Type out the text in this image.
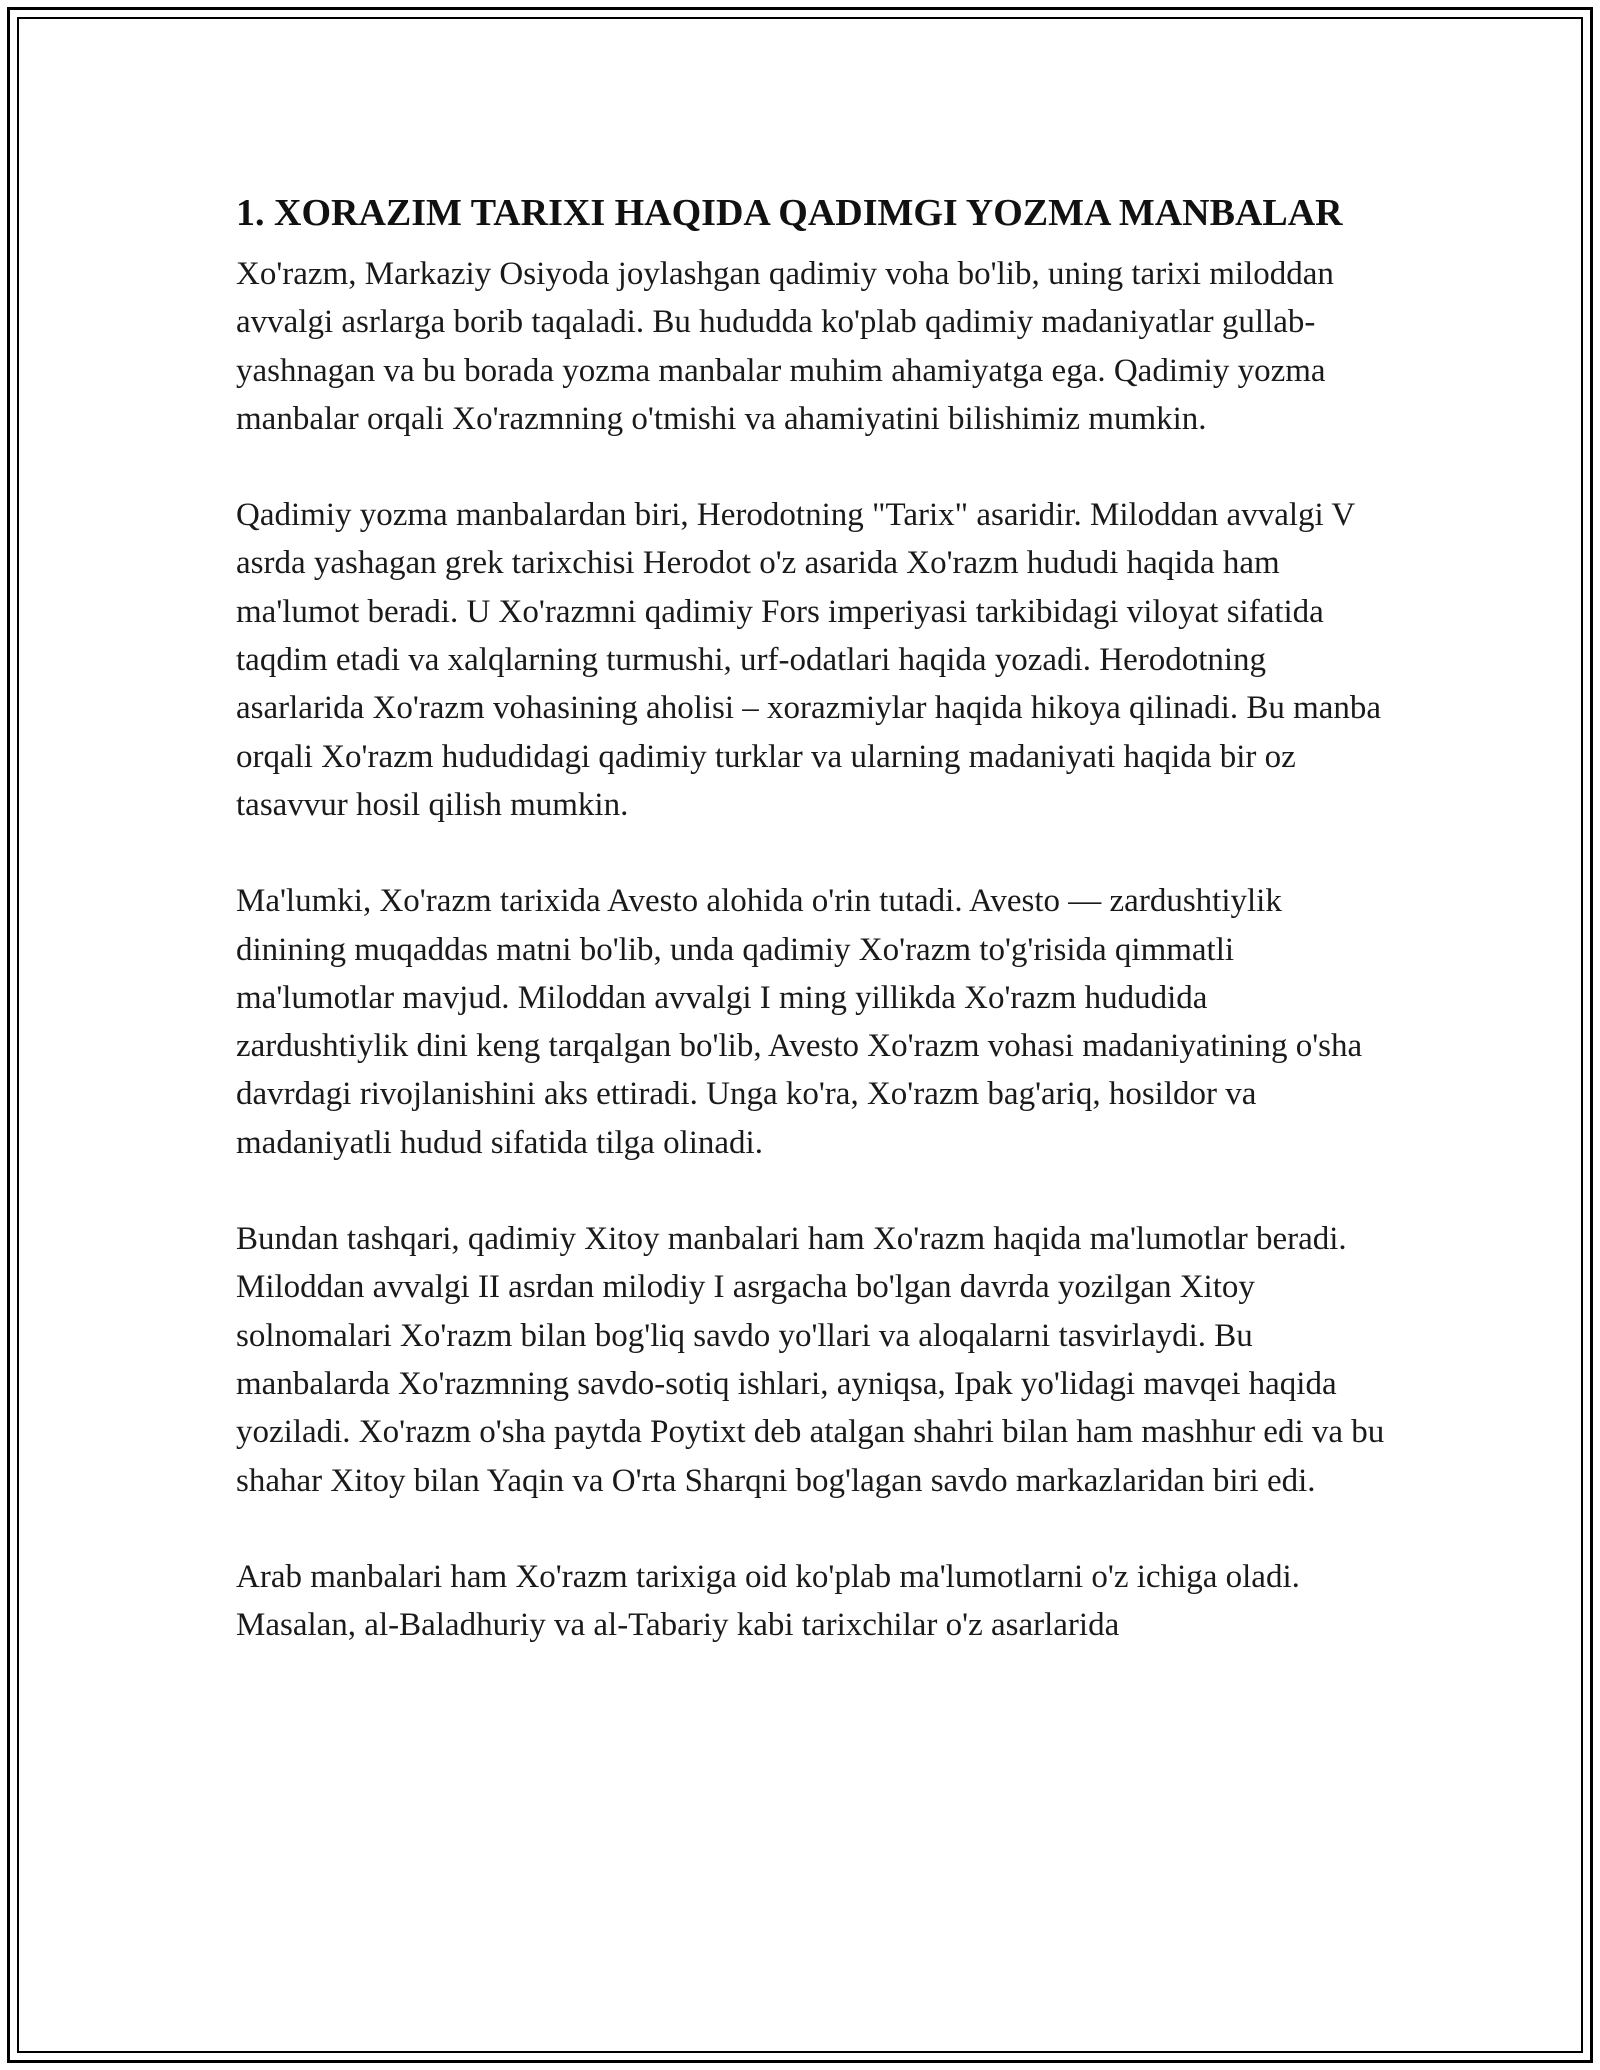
1. XORAZIM TARIXI HAQIDA QADIMGI YOZMA MANBALAR

Xo'razm, Markaziy Osiyoda joylashgan qadimiy voha bo'lib, uning tarixi miloddan avvalgi asrlarga borib taqaladi. Bu hududda ko'plab qadimiy madaniyatlar gullab-yashnagan va bu borada yozma manbalar muhim ahamiyatga ega. Qadimiy yozma manbalar orqali Xo'razmning o'tmishi va ahamiyatini bilishimiz mumkin.

Qadimiy yozma manbalardan biri, Herodotning "Tarix" asaridir. Miloddan avvalgi V asrda yashagan grek tarixchisi Herodot o'z asarida Xo'razm hududi haqida ham ma'lumot beradi. U Xo'razmni qadimiy Fors imperiyasi tarkibidagi viloyat sifatida taqdim etadi va xalqlarning turmushi, urf-odatlari haqida yozadi. Herodotning asarlarida Xo'razm vohasining aholisi – xorazmiylar haqida hikoya qilinadi. Bu manba orqali Xo'razm hududidagi qadimiy turklar va ularning madaniyati haqida bir oz tasavvur hosil qilish mumkin.

Ma'lumki, Xo'razm tarixida Avesto alohida o'rin tutadi. Avesto — zardushtiylik dinining muqaddas matni bo'lib, unda qadimiy Xo'razm to'g'risida qimmatli ma'lumotlar mavjud. Miloddan avvalgi I ming yillikda Xo'razm hududida zardushtiylik dini keng tarqalgan bo'lib, Avesto Xo'razm vohasi madaniyatining o'sha davrdagi rivojlanishini aks ettiradi. Unga ko'ra, Xo'razm bag'ariq, hosildor va madaniyatli hudud sifatida tilga olinadi.

Bundan tashqari, qadimiy Xitoy manbalari ham Xo'razm haqida ma'lumotlar beradi. Miloddan avvalgi II asrdan milodiy I asrgacha bo'lgan davrda yozilgan Xitoy solnomalari Xo'razm bilan bog'liq savdo yo'llari va aloqalarni tasvirlaydi. Bu manbalarda Xo'razmning savdo-sotiq ishlari, ayniqsa, Ipak yo'lidagi mavqei haqida yoziladi. Xo'razm o'sha paytda Poytixt deb atalgan shahri bilan ham mashhur edi va bu shahar Xitoy bilan Yaqin va O'rta Sharqni bog'lagan savdo markazlaridan biri edi.

Arab manbalari ham Xo'razm tarixiga oid ko'plab ma'lumotlarni o'z ichiga oladi. Masalan, al-Baladhuriy va al-Tabariy kabi tarixchilar o'z asarlarida
